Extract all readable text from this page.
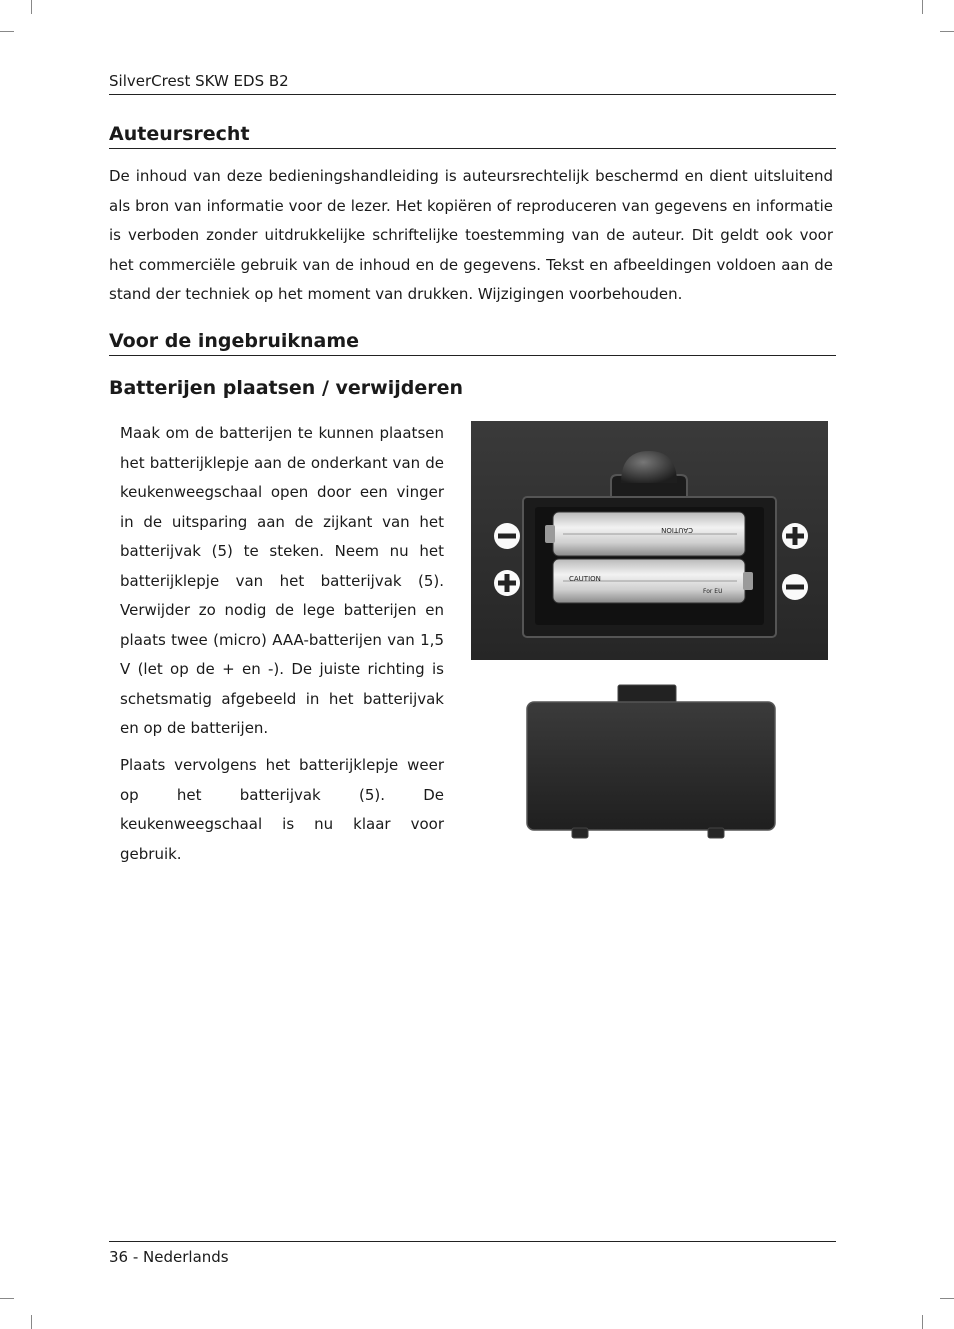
SilverCrest SKW EDS B2
Auteursrecht

De inhoud van deze bedieningshandleiding is auteursrechtelijk beschermd en dient uitsluitend als bron van informatie voor de lezer. Het kopiëren of reproduceren van gegevens en informatie is verboden zonder uitdrukkelijke schriftelijke toestemming van de auteur. Dit geldt ook voor het commerciële gebruik van de inhoud en de gegevens. Tekst en afbeeldingen voldoen aan de stand der techniek op het moment van drukken. Wijzigingen voorbehouden.

Voor de ingebruikname
Batterijen plaatsen / verwijderen

Maak om de batterijen te kunnen plaatsen het batterijklepje aan de onderkant van de keukenweegschaal open door een vinger in de uitsparing aan de zijkant van het batterijvak (5) te steken. Neem nu het batterijklepje van het batterijvak (5). Verwijder zo nodig de lege batterijen en plaats twee (micro) AAA-batterijen van 1,5 V (let op de + en -). De juiste richting is schetsmatig afgebeeld in het batterijvak en op de batterijen.

Plaats vervolgens het batterijklepje weer op het batterijvak (5). De keukenweegschaal is nu klaar voor gebruik.

CAUTION
CAUTION
For EU
36 - Nederlands
